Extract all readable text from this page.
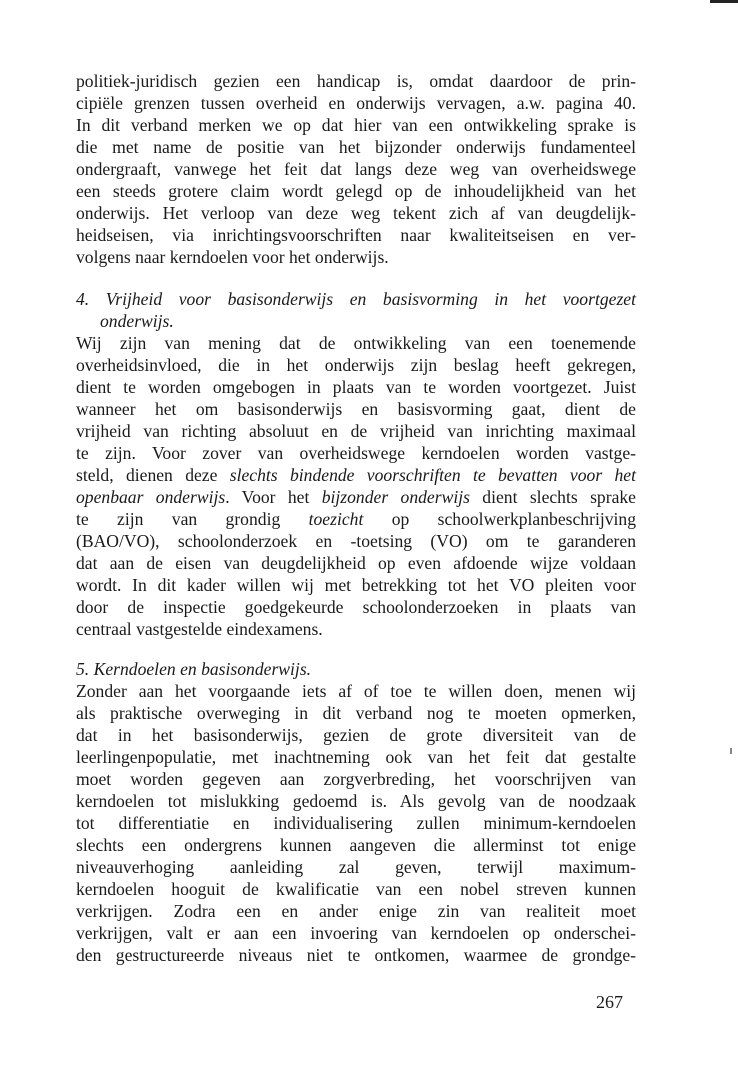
politiek-juridisch gezien een handicap is, omdat daardoor de prin-
cipiële grenzen tussen overheid en onderwijs vervagen, a.w. pagina 40.
In dit verband merken we op dat hier van een ontwikkeling sprake is
die met name de positie van het bijzonder onderwijs fundamenteel
ondergraaft, vanwege het feit dat langs deze weg van overheidswege
een steeds grotere claim wordt gelegd op de inhoudelijkheid van het
onderwijs. Het verloop van deze weg tekent zich af van deugdelijk-
heidseisen, via inrichtingsvoorschriften naar kwaliteitseisen en ver-
volgens naar kerndoelen voor het onderwijs.
4. Vrijheid voor basisonderwijs en basisvorming in het voortgezet
onderwijs.
Wij zijn van mening dat de ontwikkeling van een toenemende
overheidsinvloed, die in het onderwijs zijn beslag heeft gekregen,
dient te worden omgebogen in plaats van te worden voortgezet. Juist
wanneer het om basisonderwijs en basisvorming gaat, dient de
vrijheid van richting absoluut en de vrijheid van inrichting maximaal
te zijn. Voor zover van overheidswege kerndoelen worden vastge-
steld, dienen deze slechts bindende voorschriften te bevatten voor het
openbaar onderwijs. Voor het bijzonder onderwijs dient slechts sprake
te zijn van grondig toezicht op schoolwerkplanbeschrijving
(BAO/VO), schoolonderzoek en -toetsing (VO) om te garanderen
dat aan de eisen van deugdelijkheid op even afdoende wijze voldaan
wordt. In dit kader willen wij met betrekking tot het VO pleiten voor
door de inspectie goedgekeurde schoolonderzoeken in plaats van
centraal vastgestelde eindexamens.
5. Kerndoelen en basisonderwijs.
Zonder aan het voorgaande iets af of toe te willen doen, menen wij
als praktische overweging in dit verband nog te moeten opmerken,
dat in het basisonderwijs, gezien de grote diversiteit van de
leerlingenpopulatie, met inachtneming ook van het feit dat gestalte
moet worden gegeven aan zorgverbreding, het voorschrijven van
kerndoelen tot mislukking gedoemd is. Als gevolg van de noodzaak
tot differentiatie en individualisering zullen minimum-kerndoelen
slechts een ondergrens kunnen aangeven die allerminst tot enige
niveauverhoging aanleiding zal geven, terwijl maximum-
kerndoelen hooguit de kwalificatie van een nobel streven kunnen
verkrijgen. Zodra een en ander enige zin van realiteit moet
verkrijgen, valt er aan een invoering van kerndoelen op onderschei-
den gestructureerde niveaus niet te ontkomen, waarmee de grondge-
267
